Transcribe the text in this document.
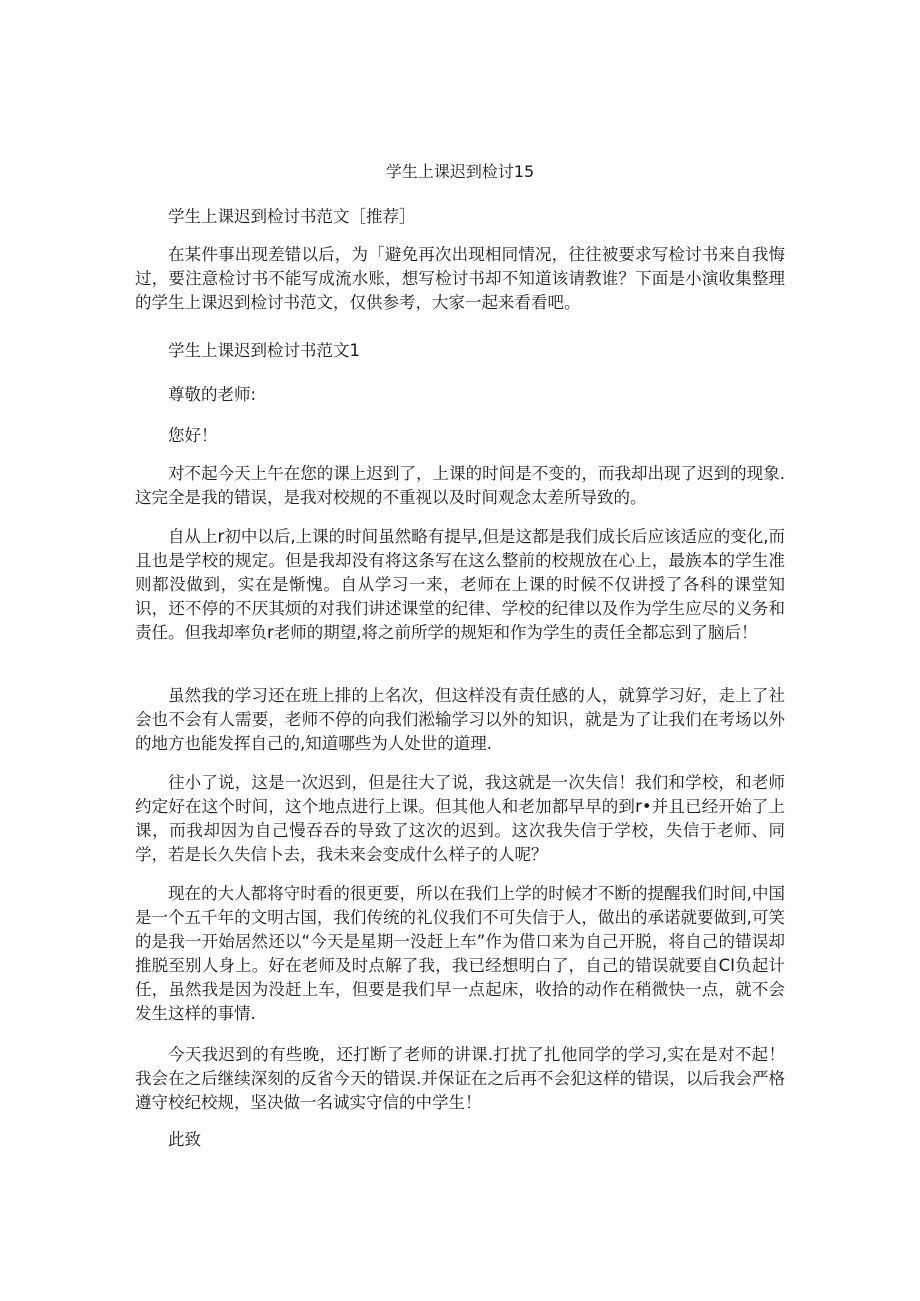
学生上课迟到检讨15

学生上课迟到检讨书范文［推荐］

在某件事出现差错以后，为「避免再次出现相同情况，往往被要求写检讨书来自我悔过，要注意检讨书不能写成流水账，想写检讨书却不知道该请教谁？下面是小演收集整理的学生上课迟到检讨书范文，仅供参考，大家一起来看看吧。

学生上课迟到检讨书范文1

尊敬的老师:

您好！

对不起今天上午在您的课上迟到了，上课的时间是不变的，而我却出现了迟到的现象.这完全是我的错误，是我对校规的不重视以及时间观念太差所导致的。

自从上r初中以后,上课的时间虽然略有提早,但是这都是我们成长后应该适应的变化,而且也是学校的规定。但是我却没有将这条写在这么整前的校规放在心上，最族本的学生准则都没做到，实在是惭愧。自从学习一来，老师在上课的时候不仅讲授了各科的课堂知识，还不停的不厌其烦的对我们讲述课堂的纪律、学校的纪律以及作为学生应尽的义务和责任。但我却率负r老师的期望,将之前所学的规矩和作为学生的责任全都忘到了脑后！

虽然我的学习还在班上排的上名次，但这样没有责任感的人，就算学习好，走上了社会也不会有人需要，老师不停的向我们淞输学习以外的知识，就是为了让我们在考场以外的地方也能发挥自己的,知道哪些为人处世的道理.

往小了说，这是一次迟到，但是往大了说，我这就是一次失信！我们和学校，和老师约定好在这个时间，这个地点进行上课。但其他人和老加都早早的到r•并且已经开始了上课，而我却因为自己慢吞吞的导致了这次的迟到。这次我失信于学校，失信于老师、同学，若是长久失信卜去，我未来会变成什么样子的人呢？

现在的大人都将守时看的很更要，所以在我们上学的时候才不断的提醒我们时间,中国是一个五千年的文明古国，我们传统的礼仪我们不可失信于人，做出的承诺就要做到,可笑的是我一开始居然还以“今天是星期一没赶上车”作为借口来为自己开脱，将自己的错误却推脱至别人身上。好在老师及时点解了我，我已经想明白了，自己的错误就要自CI负起计任，虽然我是因为没赶上车，但要是我们早一点起床，收拾的动作在稍微快一点，就不会发生这样的事情.

今天我迟到的有些晚，还打断了老师的讲课.打扰了扎他同学的学习,实在是对不起！我会在之后继续深刻的反省今天的错误.并保证在之后再不会犯这样的错误，以后我会严格遵守校纪校规，坚决做一名诚实守信的中学生！

此致
